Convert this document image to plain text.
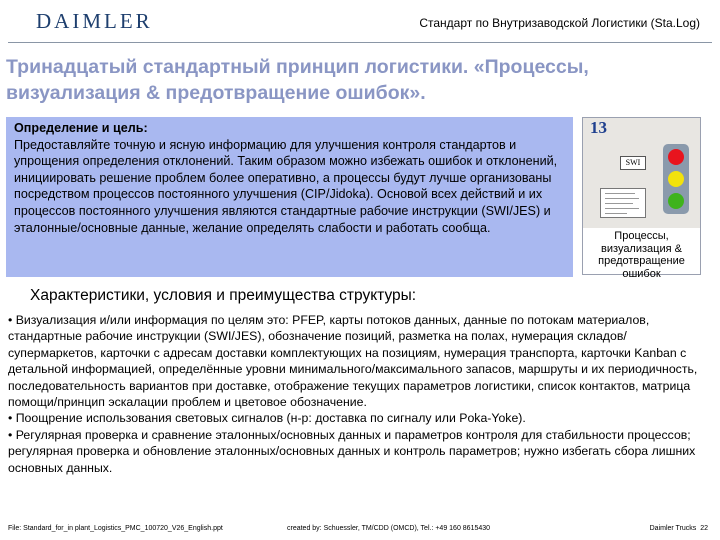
DAIMLER	Стандарт по Внутризаводской Логистики (Sta.Log)
Тринадцатый стандартный принцип логистики. «Процессы, визуализация & предотвращение ошибок».
Определение и цель:
Предоставляйте точную и ясную информацию для улучшения контроля стандартов и упрощения определения отклонений. Таким образом можно избежать ошибок и отклонений, инициировать решение проблем более оперативно, а процессы будут лучше организованы посредством процессов постоянного улучшения (CIP/Jidoka). Основой всех действий и их процессов постоянного улучшения являются стандартные рабочие инструкции (SWI/JES) и эталонные/основные данные, желание определять слабости и работать сообща.
13
SWI
Процессы, визуализация & предотвращение ошибок
Характеристики, условия и преимущества структуры:
• Визуализация и/или информация по целям это: PFEP, карты потоков данных, данные по потокам материалов, стандартные рабочие инструкции (SWI/JES), обозначение позиций, разметка на полах, нумерация складов/супермаркетов, карточки с адресам доставки комплектующих на позициям, нумерация транспорта, карточки Kanban с детальной информацией, определённые уровни минимального/максимального запасов, маршруты и их периодичность, последовательность вариантов при доставке, отображение текущих параметров логистики, список контактов, матрица помощи/принцип эскалации проблем и цветовое обозначение.
• Поощрение использования световых сигналов (н-р: доставка по сигналу или Poka-Yoke).
• Регулярная проверка и сравнение эталонных/основных данных и параметров контроля для стабильности процессов; регулярная проверка и обновление эталонных/основных данных и контроль параметров; нужно избегать сбора лишних основных данных.
File: Standard_for_in plant_Logistics_PMC_100720_V26_English.ppt	created by: Schuessler, TM/CDD (OMCD), Tel.: +49 160 8615430	Daimler Trucks 22
